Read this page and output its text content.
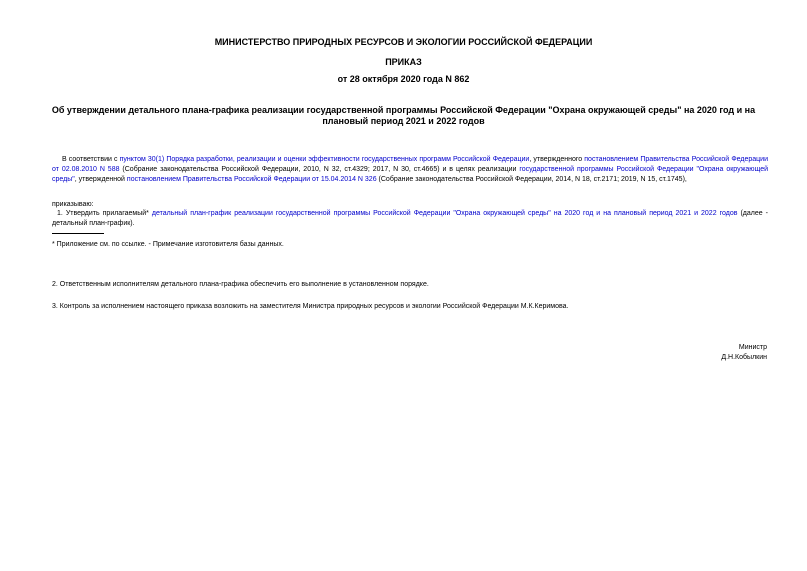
МИНИСТЕРСТВО ПРИРОДНЫХ РЕСУРСОВ И ЭКОЛОГИИ РОССИЙСКОЙ ФЕДЕРАЦИИ

ПРИКАЗ

от 28 октября 2020 года N 862

Об утверждении детального плана-графика реализации государственной программы Российской Федерации "Охрана окружающей среды" на 2020 год и на плановый период 2021 и 2022 годов

В соответствии с пунктом 30(1) Порядка разработки, реализации и оценки эффективности государственных программ Российской Федерации, утвержденного постановлением Правительства Российской Федерации от 02.08.2010 N 588 (Собрание законодательства Российской Федерации, 2010, N 32, ст.4329; 2017, N 30, ст.4665) и в целях реализации государственной программы Российской Федерации "Охрана окружающей среды", утвержденной постановлением Правительства Российской Федерации от 15.04.2014 N 326 (Собрание законодательства Российской Федерации, 2014, N 18, ст.2171; 2019, N 15, ст.1745),

приказываю:

1. Утвердить прилагаемый* детальный план-график реализации государственной программы Российской Федерации "Охрана окружающей среды" на 2020 год и на плановый период 2021 и 2022 годов (далее - детальный план-график).

* Приложение см. по ссылке. - Примечание изготовителя базы данных.

2. Ответственным исполнителям детального плана-графика обеспечить его выполнение в установленном порядке.

3. Контроль за исполнением настоящего приказа возложить на заместителя Министра природных ресурсов и экологии Российской Федерации М.К.Керимова.

Министр

Д.Н.Кобылкин
